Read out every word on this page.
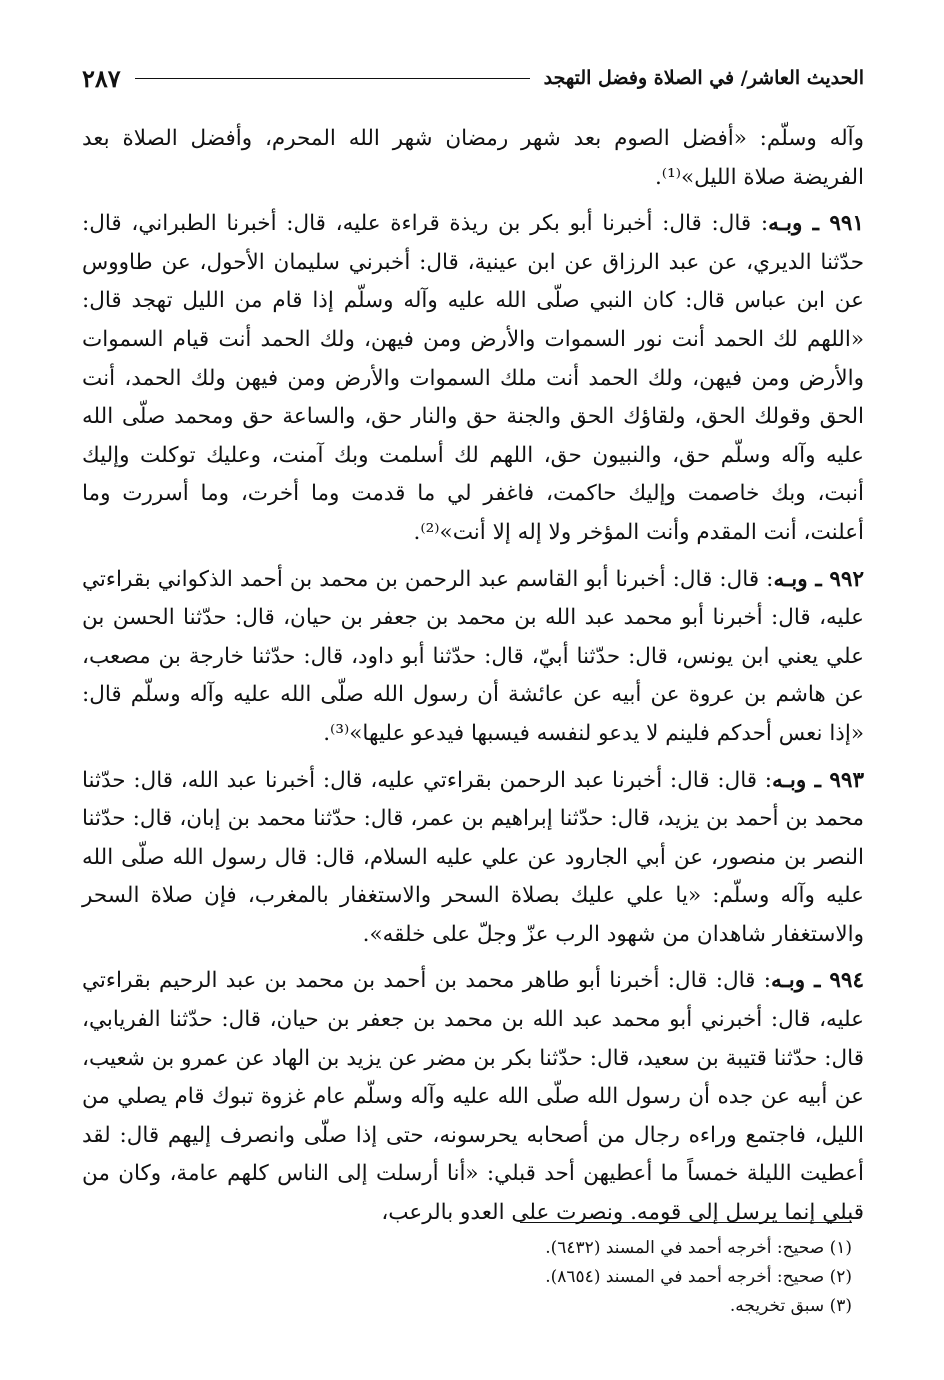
الحديث العاشر/ في الصلاة وفضل التهجد
٢٨٧

وآله وسلّم: «أفضل الصوم بعد شهر رمضان شهر الله المحرم، وأفضل الصلاة بعد الفريضة صلاة الليل»⁽¹⁾.

٩٩١ ـ وبـه: قال: قال: أخبرنا أبو بكر بن ريذة قراءة عليه، قال: أخبرنا الطبراني، قال: حدّثنا الديري، عن عبد الرزاق عن ابن عينية، قال: أخبرني سليمان الأحول، عن طاووس عن ابن عباس قال: كان النبي صلّى الله عليه وآله وسلّم إذا قام من الليل تهجد قال: «اللهم لك الحمد أنت نور السموات والأرض ومن فيهن، ولك الحمد أنت قيام السموات والأرض ومن فيهن، ولك الحمد أنت ملك السموات والأرض ومن فيهن ولك الحمد، أنت الحق وقولك الحق، ولقاؤك الحق والجنة حق والنار حق، والساعة حق ومحمد صلّى الله عليه وآله وسلّم حق، والنبيون حق، اللهم لك أسلمت وبك آمنت، وعليك توكلت وإليك أنبت، وبك خاصمت وإليك حاكمت، فاغفر لي ما قدمت وما أخرت، وما أسررت وما أعلنت، أنت المقدم وأنت المؤخر ولا إله إلا أنت»⁽²⁾.

٩٩٢ ـ وبـه: قال: قال: أخبرنا أبو القاسم عبد الرحمن بن محمد بن أحمد الذكواني بقراءتي عليه، قال: أخبرنا أبو محمد عبد الله بن محمد بن جعفر بن حيان، قال: حدّثنا الحسن بن علي يعني ابن يونس، قال: حدّثنا أبيّ، قال: حدّثنا أبو داود، قال: حدّثنا خارجة بن مصعب، عن هاشم بن عروة عن أبيه عن عائشة أن رسول الله صلّى الله عليه وآله وسلّم قال: «إذا نعس أحدكم فلينم لا يدعو لنفسه فيسبها فيدعو عليها»⁽³⁾.

٩٩٣ ـ وبـه: قال: قال: أخبرنا عبد الرحمن بقراءتي عليه، قال: أخبرنا عبد الله، قال: حدّثنا محمد بن أحمد بن يزيد، قال: حدّثنا إبراهيم بن عمر، قال: حدّثنا محمد بن إبان، قال: حدّثنا النصر بن منصور، عن أبي الجارود عن علي عليه السلام، قال: قال رسول الله صلّى الله عليه وآله وسلّم: «يا علي عليك بصلاة السحر والاستغفار بالمغرب، فإن صلاة السحر والاستغفار شاهدان من شهود الرب عزّ وجلّ على خلقه».

٩٩٤ ـ وبـه: قال: قال: أخبرنا أبو طاهر محمد بن أحمد بن محمد بن عبد الرحيم بقراءتي عليه، قال: أخبرني أبو محمد عبد الله بن محمد بن جعفر بن حيان، قال: حدّثنا الفريابي، قال: حدّثنا قتيبة بن سعيد، قال: حدّثنا بكر بن مضر عن يزيد بن الهاد عن عمرو بن شعيب، عن أبيه عن جده أن رسول الله صلّى الله عليه وآله وسلّم عام غزوة تبوك قام يصلي من الليل، فاجتمع وراءه رجال من أصحابه يحرسونه، حتى إذا صلّى وانصرف إليهم قال: لقد أعطيت الليلة خمساً ما أعطيهن أحد قبلي: «أنا أرسلت إلى الناس كلهم عامة، وكان من قبلي إنما يرسل إلى قومه. ونصرت على العدو بالرعب،

(١) صحيح: أخرجه أحمد في المسند (٦٤٣٢).

(٢) صحيح: أخرجه أحمد في المسند (٨٦٥٤).

(٣) سبق تخريجه.
